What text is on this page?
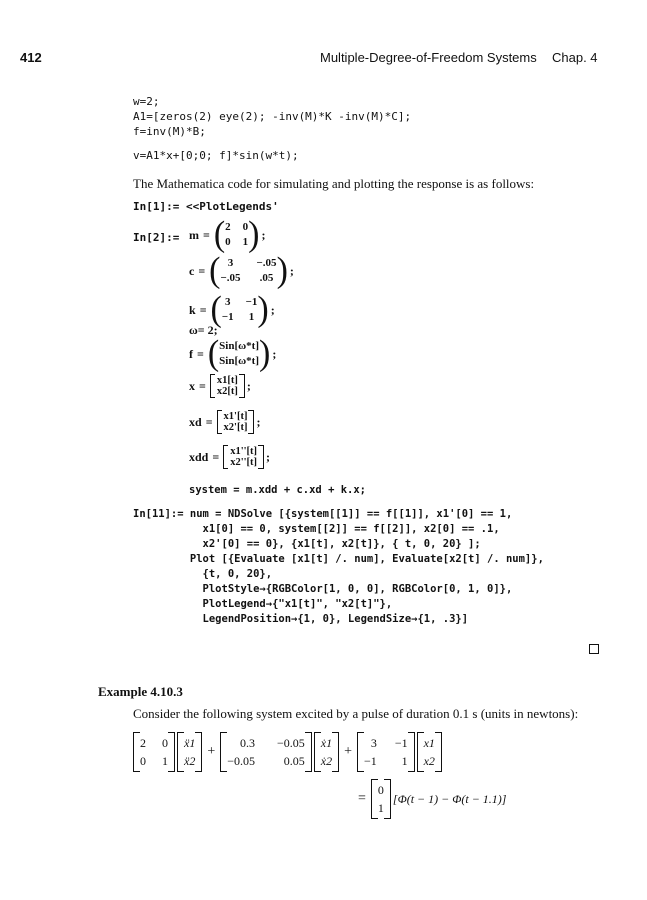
412	Multiple-Degree-of-Freedom Systems Chap. 4
w=2;
A1=[zeros(2) eye(2); -inv(M)*K -inv(M)*C];
f=inv(M)*B;
v=A1*x+[0;0; f]*sin(w*t);
The Mathematica code for simulating and plotting the response is as follows:
In[1]:= <<PlotLegends'
In[2]:= m = ( 2 0
0 1 ) ;
c = ( 3	−.05
−.05 .05 ) ;
k = ( 3 −1
−1 1 ) ;
ω= 2;
f = ( Sin[ω*t]
Sin[ω*t] ) ;
x = x1[t]
x2[t] ;
xd = x1'[t]
x2'[t] ;
xdd = x1''[t]
x2''[t] ;
system = m.xdd + c.xd + k.x;
In[11]:= num = NDSolve [{system[[1]] == f[[1]], x1'[0] == 1,
x1[0] == 0, system[[2]] == f[[2]], x2[0] == .1,
x2'[0] == 0}, {x1[t], x2[t]}, { t, 0, 20} ];
Plot [{Evaluate [x1[t] /. num], Evaluate[x2[t] /. num]},
{t, 0, 20},
PlotStyle→{RGBColor[1, 0, 0], RGBColor[0, 1, 0]},
PlotLegend→{"x1[t]", "x2[t]"},
LegendPosition→{1, 0}, LegendSize→{1, .3}]
Example 4.10.3
Consider the following system excited by a pulse of duration 0.1 s (units in newtons):
2 0
0 1
ẍ1
ẍ2
+
0.3 −0.05
−0.05	0.05
ẋ1
ẋ2
+
3 −1
−1	1
x1
x2
=
0
1
[Φ(t − 1) − Φ(t − 1.1)]
